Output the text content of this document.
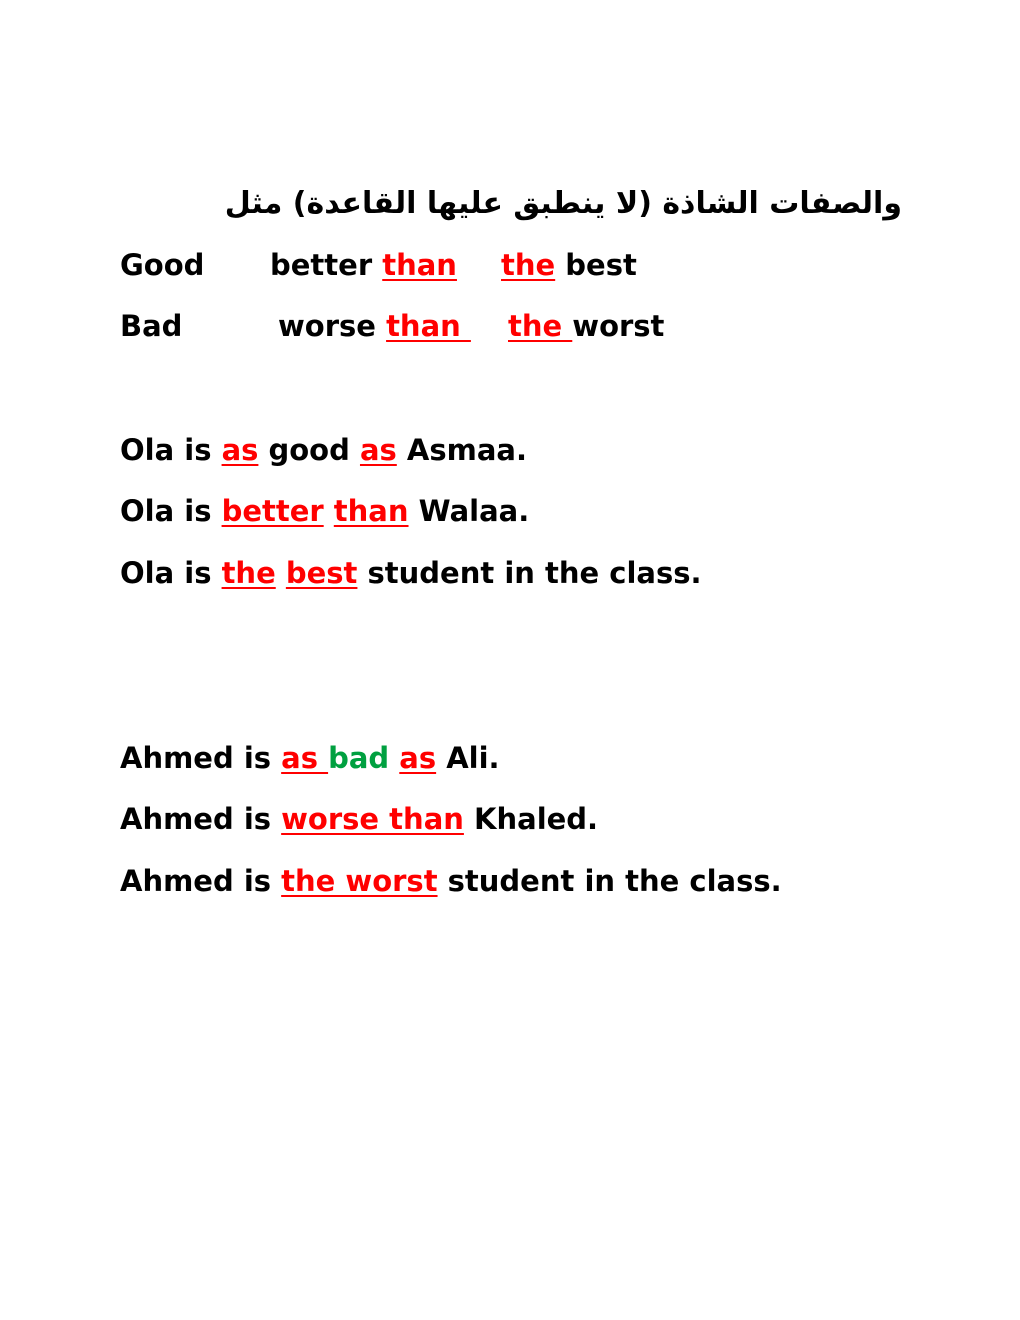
والصفات الشاذة (لا ينطبق عليها القاعدة) مثل

Good

better than

the best

Bad

	worse than

the worst

Ola is as good as Asmaa.
Ola is better than Walaa.
Ola is the best student in the class.
Ahmed is as bad as Ali.
Ahmed is worse than Khaled.
Ahmed is the worst student in the class.
